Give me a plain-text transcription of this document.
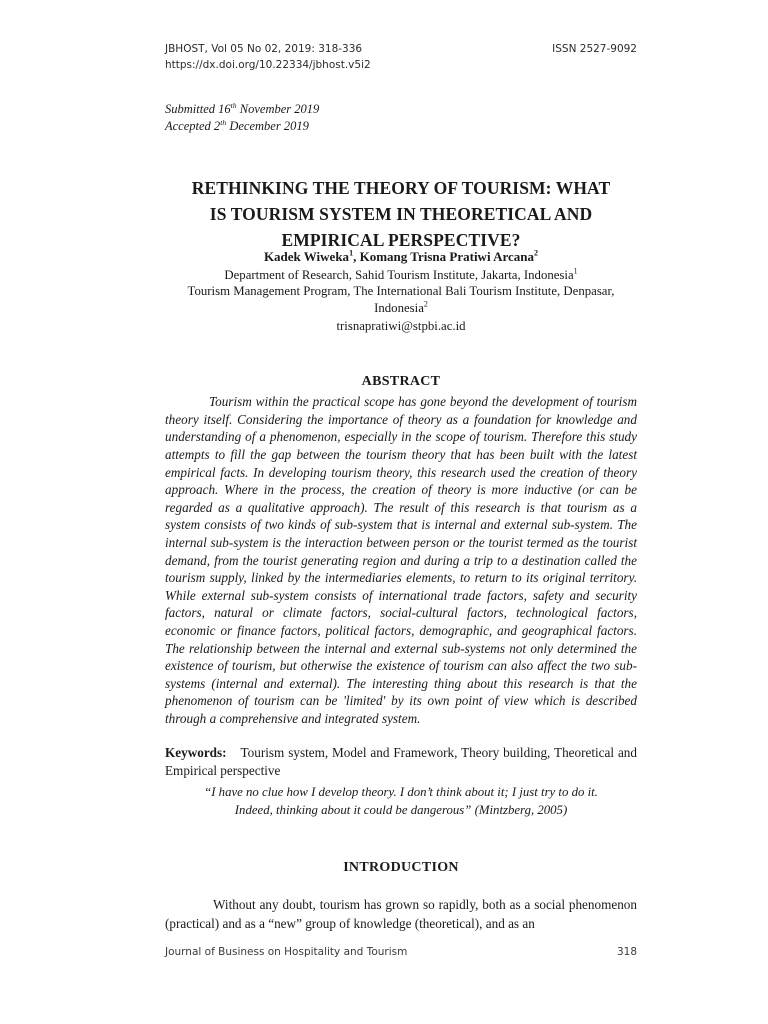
JBHOST, Vol 05 No 02, 2019: 318-336	ISSN 2527-9092
https://dx.doi.org/10.22334/jbhost.v5i2
Submitted 16th November 2019
Accepted 2th December 2019
RETHINKING THE THEORY OF TOURISM: WHAT
IS TOURISM SYSTEM IN THEORETICAL AND
EMPIRICAL PERSPECTIVE?
Kadek Wiweka$^1$, Komang Trisna Pratiwi Arcana$^2$
Department of Research, Sahid Tourism Institute, Jakarta, Indonesia$^1$
Tourism Management Program, The International Bali Tourism Institute, Denpasar,
Indonesia$^2$
trisnapratiwi@stpbi.ac.id
ABSTRACT

Tourism within the practical scope has gone beyond the development of tourism theory itself. Considering the importance of theory as a foundation for knowledge and understanding of a phenomenon, especially in the scope of tourism. Therefore this study attempts to fill the gap between the tourism theory that has been built with the latest empirical facts. In developing tourism theory, this research used the creation of theory approach. Where in the process, the creation of theory is more inductive (or can be regarded as a qualitative approach). The result of this research is that tourism as a system consists of two kinds of sub-system that is internal and external sub-system. The internal sub-system is the interaction between person or the tourist termed as the tourist demand, from the tourist generating region and during a trip to a destination called the tourism supply, linked by the intermediaries elements, to return to its original territory. While external sub-system consists of international trade factors, safety and security factors, natural or climate factors, social-cultural factors, technological factors, economic or finance factors, political factors, demographic, and geographical factors. The relationship between the internal and external sub-systems not only determined the existence of tourism, but otherwise the existence of tourism can also affect the two sub-systems (internal and external). The interesting thing about this research is that the phenomenon of tourism can be 'limited' by its own point of view which is described through a comprehensive and integrated system.

Keywords: Tourism system, Model and Framework, Theory building, Theoretical and Empirical perspective

“I have no clue how I develop theory. I don’t think about it; I just try to do it.
Indeed, thinking about it could be dangerous” (Mintzberg, 2005)
INTRODUCTION

Without any doubt, tourism has grown so rapidly, both as a social phenomenon (practical) and as a “new” group of knowledge (theoretical), and as an

Journal of Business on Hospitality and Tourism	318
